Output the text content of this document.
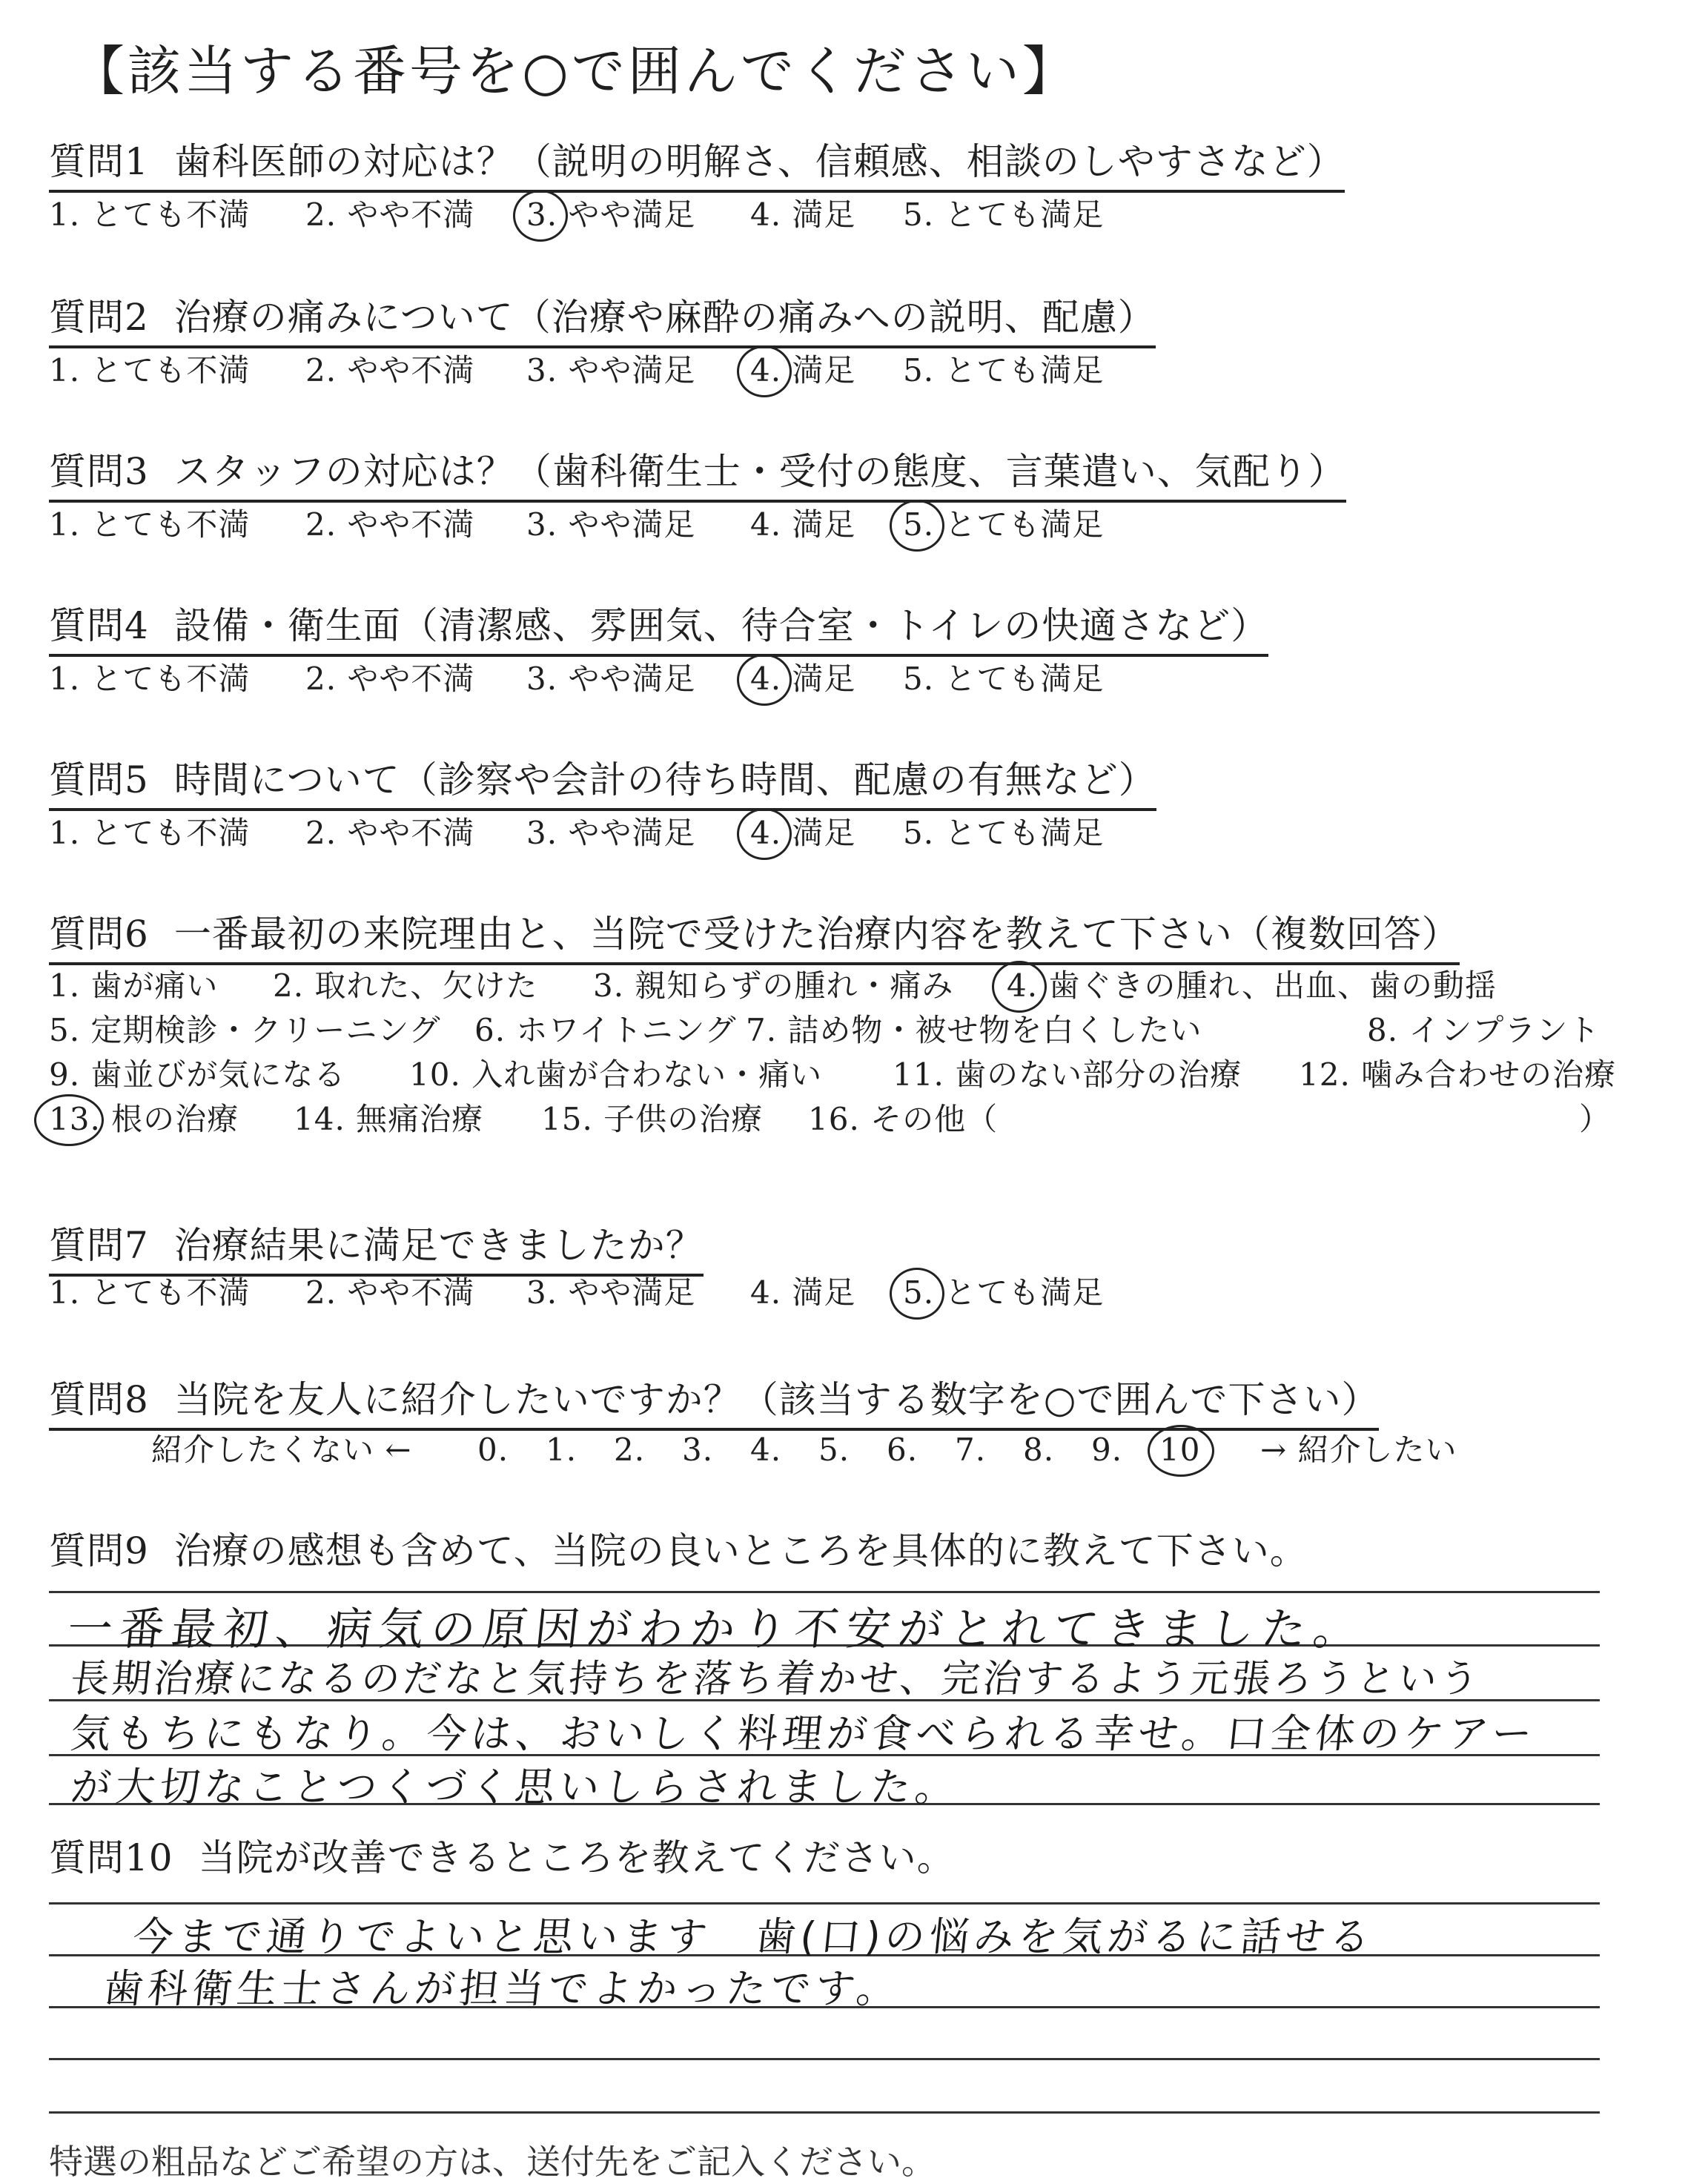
【該当する番号を○で囲んでください】
質問1 歯科医師の対応は？（説明の明解さ、信頼感、相談のしやすさなど）
1. とても不満 2. やや不満 3. やや満足 4. 満足 5. とても満足
質問2 治療の痛みについて（治療や麻酔の痛みへの説明、配慮）
1. とても不満 2. やや不満 3. やや満足 4. 満足 5. とても満足
質問3 スタッフの対応は？（歯科衛生士・受付の態度、言葉遣い、気配り）
1. とても不満 2. やや不満 3. やや満足 4. 満足 5. とても満足
質問4 設備・衛生面（清潔感、雰囲気、待合室・トイレの快適さなど）
1. とても不満 2. やや不満 3. やや満足 4. 満足 5. とても満足
質問5 時間について（診察や会計の待ち時間、配慮の有無など）
1. とても不満 2. やや不満 3. やや満足 4. 満足 5. とても満足
質問6 一番最初の来院理由と、当院で受けた治療内容を教えて下さい（複数回答）
1. 歯が痛い 2. 取れた、欠けた 3. 親知らずの腫れ・痛み 4. 歯ぐきの腫れ、出血、歯の動揺
5. 定期検診・クリーニング 6. ホワイトニング 7. 詰め物・被せ物を白くしたい	8. インプラント
9. 歯並びが気になる 10. 入れ歯が合わない・痛い 11. 歯のない部分の治療 12. 噛み合わせの治療
13. 根の治療 14. 無痛治療 15. 子供の治療 16. その他（	）
質問7 治療結果に満足できましたか？
1. とても不満 2. やや不満 3. やや満足 4. 満足 5. とても満足
質問8 当院を友人に紹介したいですか？（該当する数字を○で囲んで下さい）
紹介したくない ← 0. 1. 2. 3. 4. 5. 6. 7. 8. 9. 10 → 紹介したい
質問9 治療の感想も含めて、当院の良いところを具体的に教えて下さい。
一番最初、病気の原因がわかり不安がとれてきました。
長期治療になるのだなと気持ちを落ち着かせ、完治するよう元張ろうという
気もちにもなり。今は、おいしく料理が食べられる幸せ。口全体のケアー
が大切なことつくづく思いしらされました。
質問10 当院が改善できるところを教えてください。
今まで通りでよいと思います　歯(口)の悩みを気がるに話せる
歯科衛生士さんが担当でよかったです。
特選の粗品などご希望の方は、送付先をご記入ください。
